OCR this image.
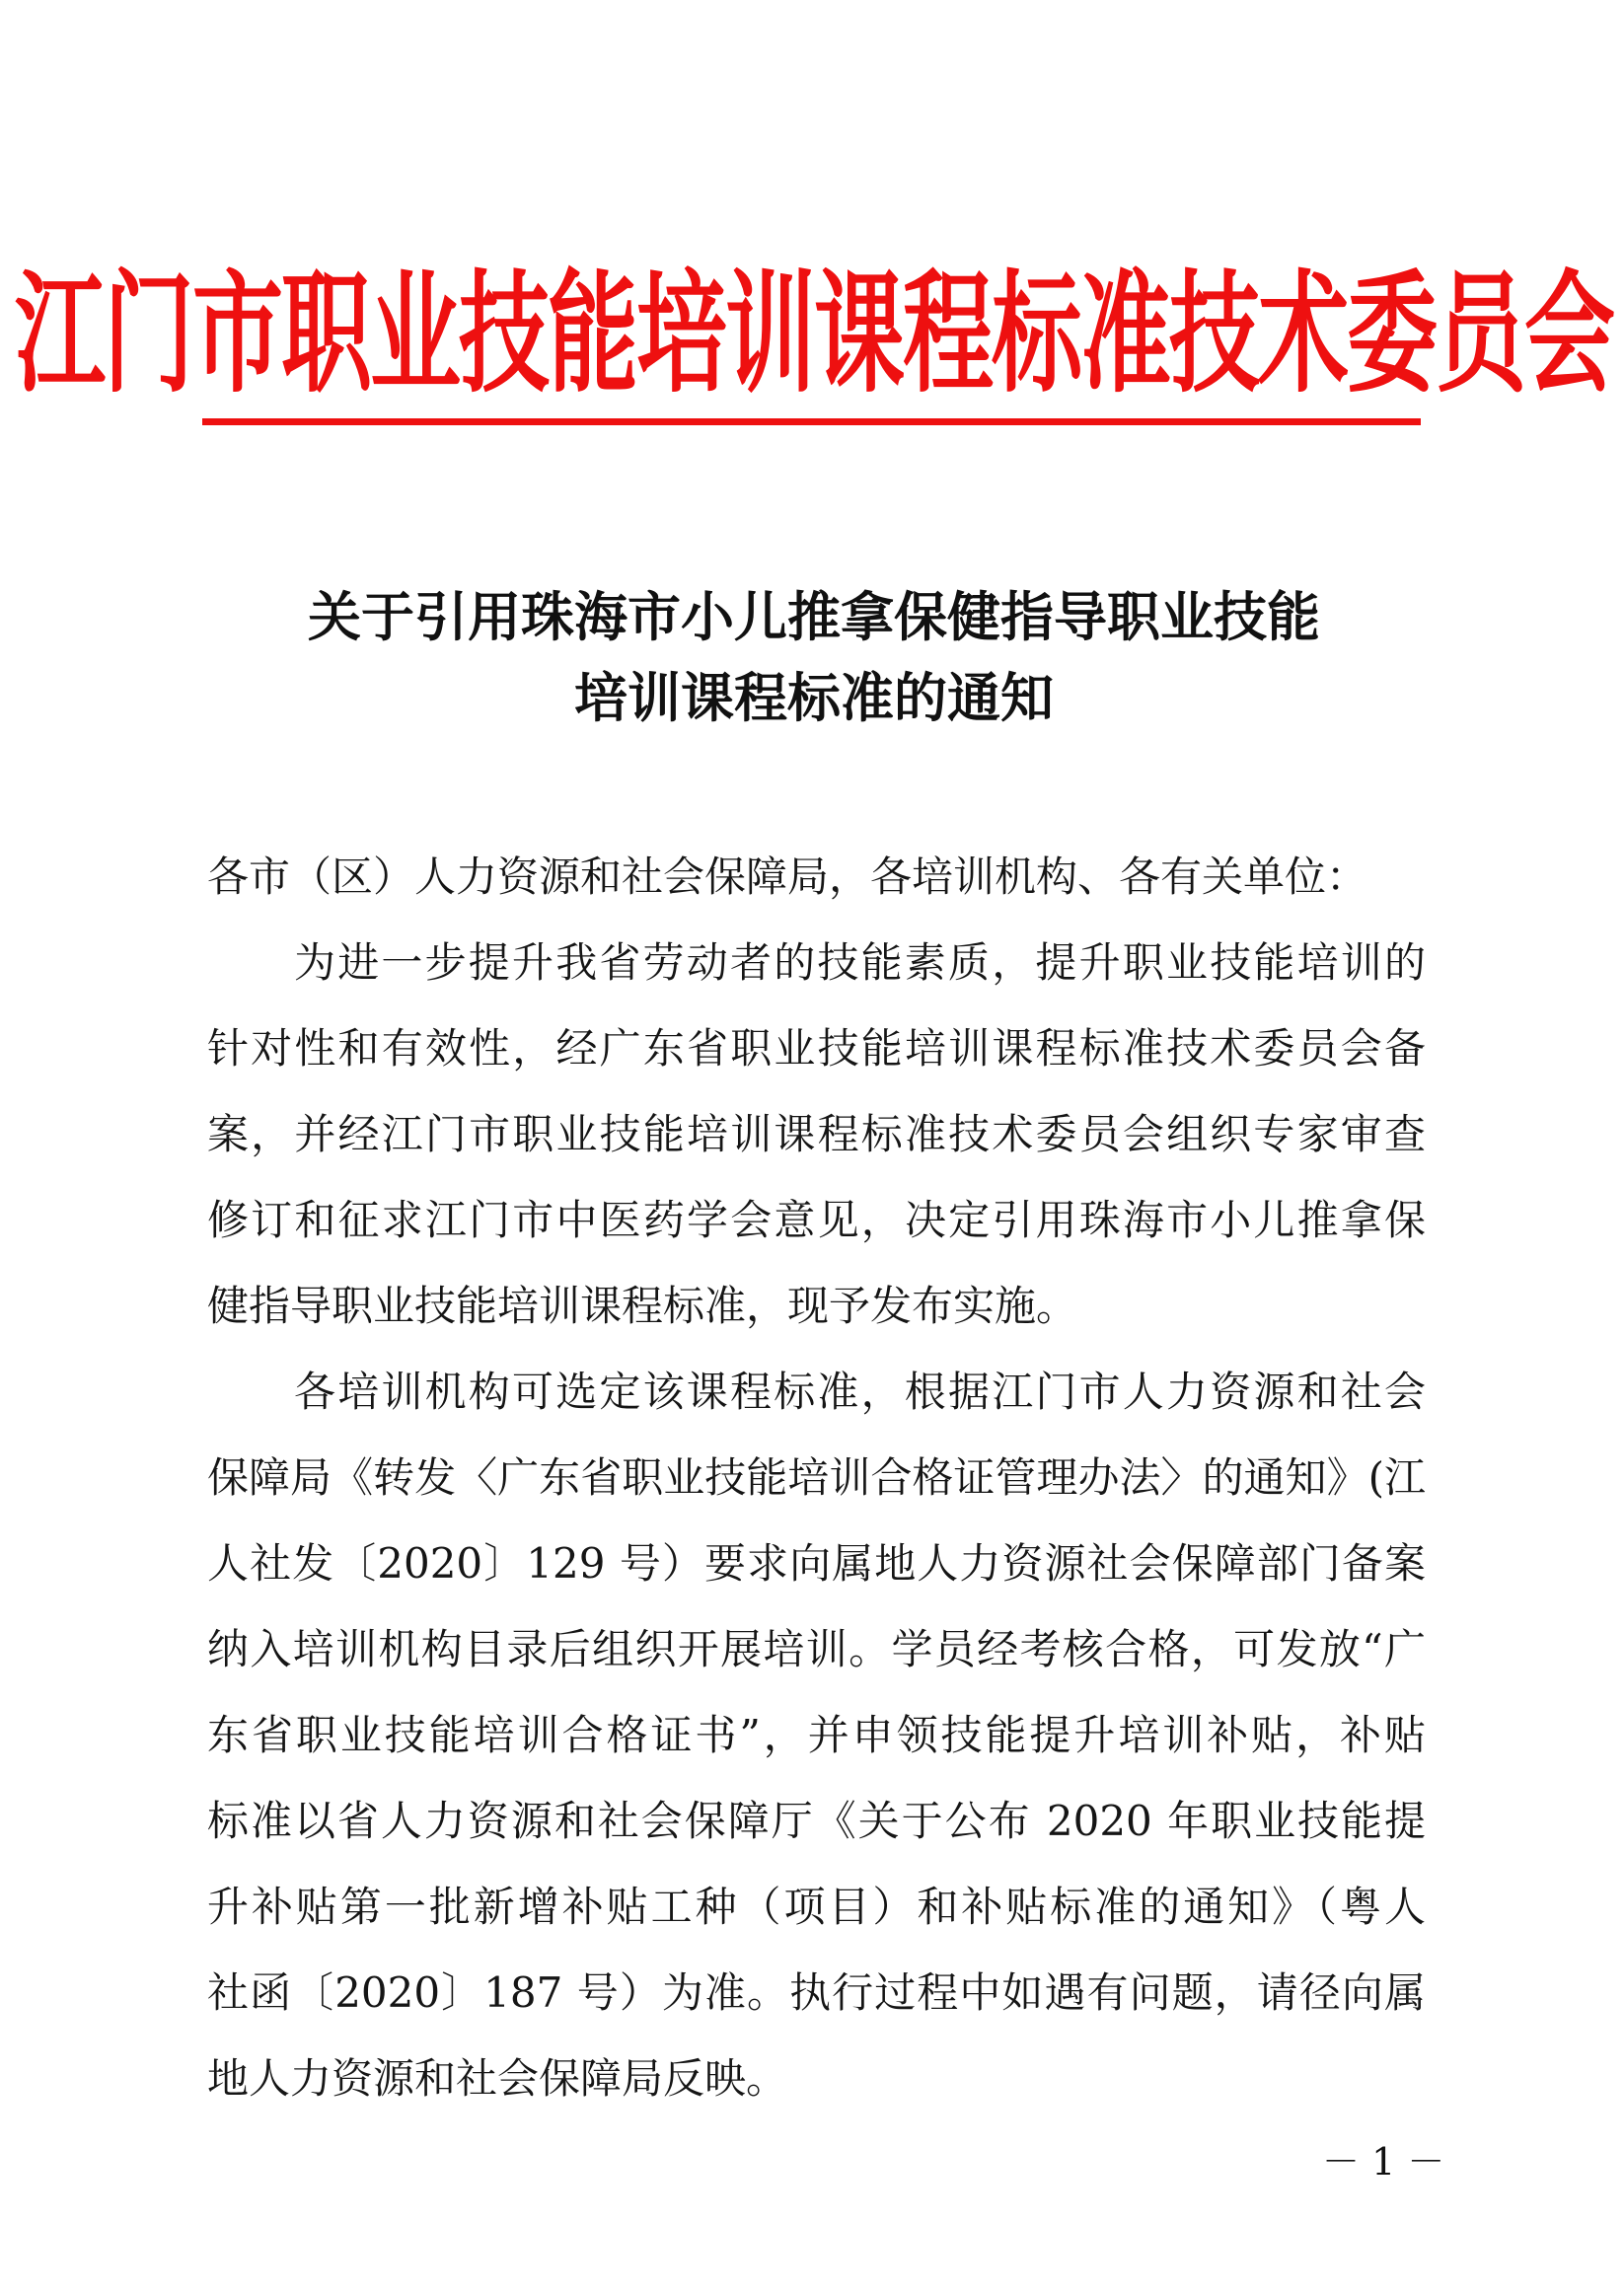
江门市职业技能培训课程标准技术委员会
关于引用珠海市小儿推拿保健指导职业技能
培训课程标准的通知
各市（区）人力资源和社会保障局，各培训机构、各有关单位：
为进一步提升我省劳动者的技能素质，提升职业技能培训的
针对性和有效性，经广东省职业技能培训课程标准技术委员会备
案，并经江门市职业技能培训课程标准技术委员会组织专家审查
修订和征求江门市中医药学会意见，决定引用珠海市小儿推拿保
健指导职业技能培训课程标准，现予发布实施。
各培训机构可选定该课程标准，根据江门市人力资源和社会
保障局《转发〈广东省职业技能培训合格证管理办法〉的通知》(江
人社发〔2020〕129 号）要求向属地人力资源社会保障部门备案
纳入培训机构目录后组织开展培训。学员经考核合格，可发放“广
东省职业技能培训合格证书”，并申领技能提升培训补贴，补贴
标准以省人力资源和社会保障厅《关于公布 2020 年职业技能提
升补贴第一批新增补贴工种（项目）和补贴标准的通知》（粤人
社函〔2020〕187 号）为准。执行过程中如遇有问题，请径向属
地人力资源和社会保障局反映。
－ 1 －
